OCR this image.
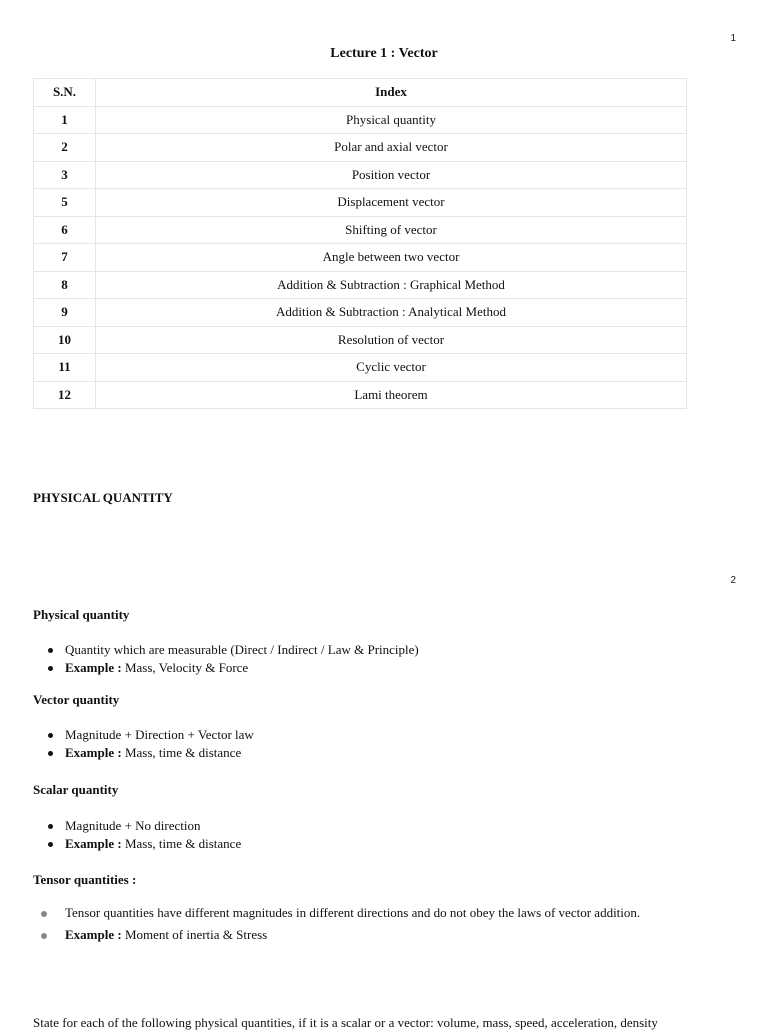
1
Lecture 1 : Vector
S.N.	Index
1	Physical quantity
2	Polar and axial vector
3	Position vector
5	Displacement vector
6	Shifting of vector
7	Angle between two vector
8	Addition & Subtraction : Graphical Method
9	Addition & Subtraction : Analytical Method
10	Resolution of vector
11	Cyclic vector
12	Lami theorem
PHYSICAL QUANTITY
2
Physical quantity
Quantity which are measurable (Direct / Indirect / Law & Principle)
Example : Mass, Velocity & Force
Vector quantity
Magnitude + Direction + Vector law
Example : Mass, time & distance
Scalar quantity
Magnitude + No direction
Example : Mass, time & distance
Tensor quantities :
Tensor quantities have different magnitudes in different directions and do not obey the laws of vector addition.
Example : Moment of inertia & Stress
State for each of the following physical quantities, if it is a scalar or a vector: volume, mass, speed, acceleration, density
